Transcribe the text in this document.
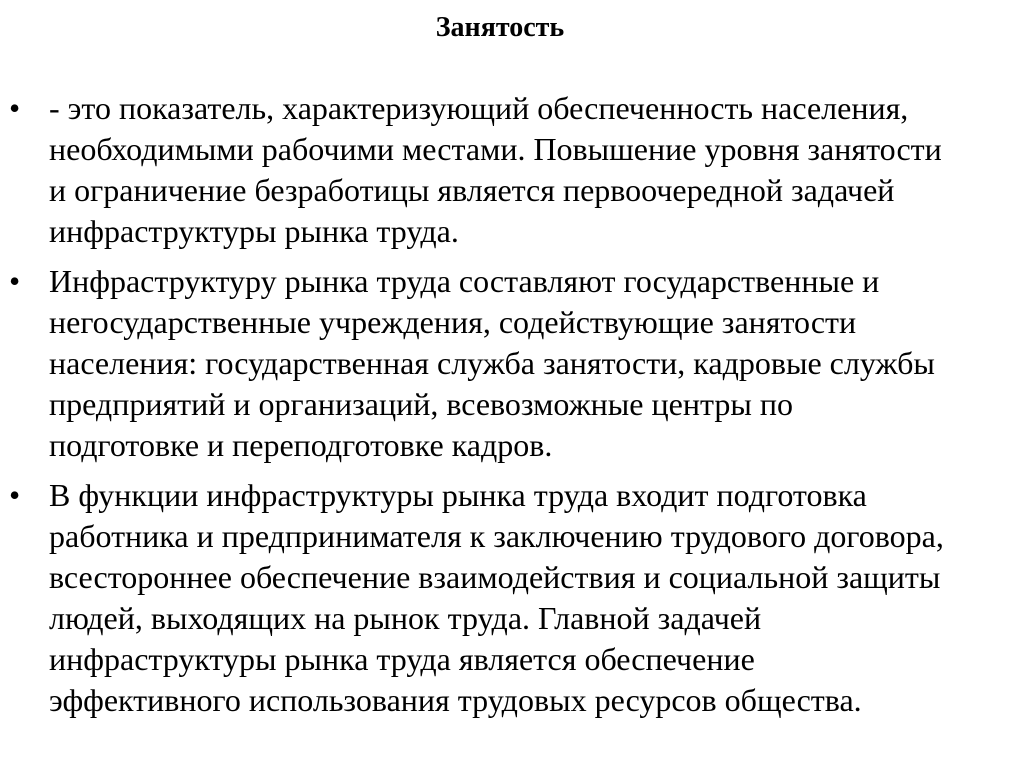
Занятость
• - это показатель, характеризующий обеспеченность населения,
необходимыми рабочими местами. Повышение уровня занятости
и ограничение безработицы является первоочередной задачей
инфраструктуры рынка труда.
• Инфраструктуру рынка труда составляют государственные и
негосударственные учреждения, содействующие занятости
населения: государственная служба занятости, кадровые службы
предприятий и организаций, всевозможные центры по
подготовке и переподготовке кадров.
• В функции инфраструктуры рынка труда входит подготовка
работника и предпринимателя к заключению трудового договора,
всестороннее обеспечение взаимодействия и социальной защиты
людей, выходящих на рынок труда. Главной задачей
инфраструктуры рынка труда является обеспечение
эффективного использования трудовых ресурсов общества.
